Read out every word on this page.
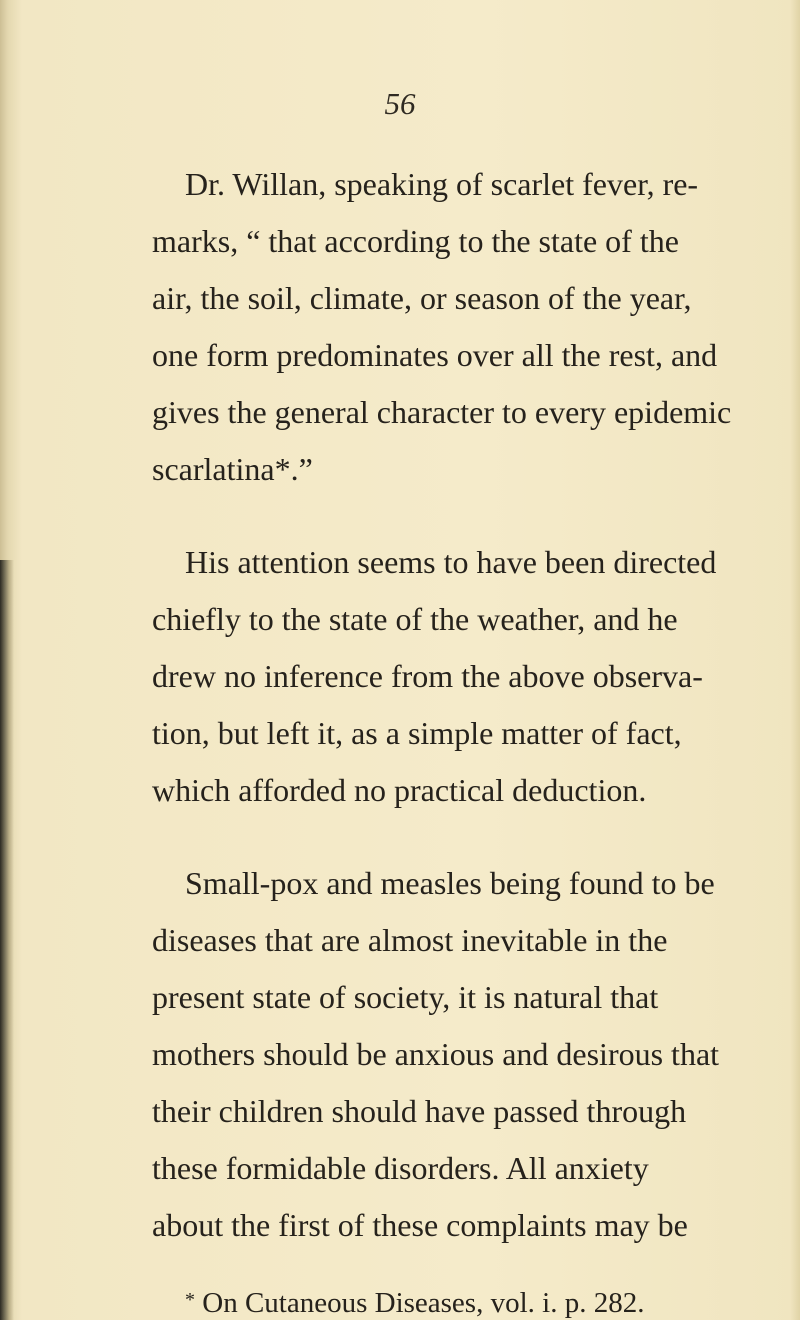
56
Dr. Willan, speaking of scarlet fever, re-
marks, “ that according to the state of the
air, the soil, climate, or season of the year,
one form predominates over all the rest, and
gives the general character to every epidemic
scarlatina*.”
His attention seems to have been directed
chiefly to the state of the weather, and he
drew no inference from the above observa-
tion, but left it, as a simple matter of fact,
which afforded no practical deduction.
Small-pox and measles being found to be
diseases that are almost inevitable in the
present state of society, it is natural that
mothers should be anxious and desirous that
their children should have passed through
these formidable disorders. All anxiety
about the first of these complaints may be
* On Cutaneous Diseases, vol. i. p. 282.
